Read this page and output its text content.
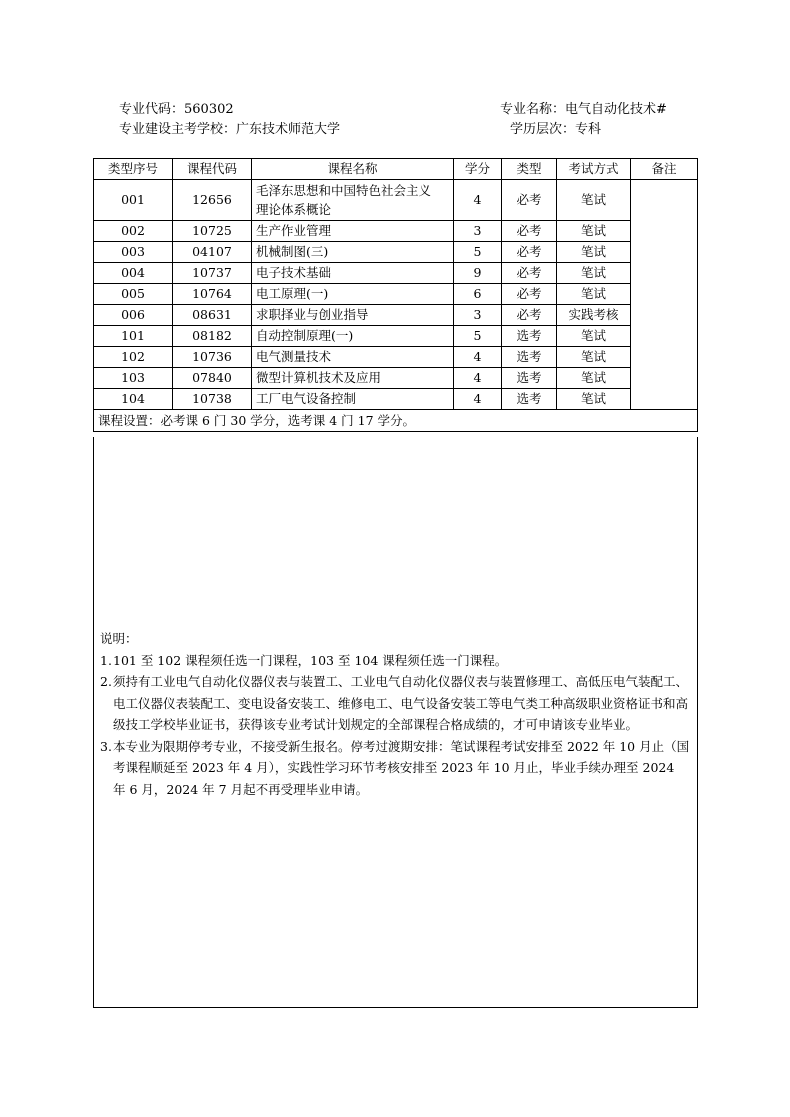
专业代码：560302	专业名称：电气自动化技术#
专业建设主考学校：广东技术师范大学	学历层次：专科
类型序号	课程代码	课程名称	学分	类型	考试方式	备注
001	12656	毛泽东思想和中国特色社会主义
理论体系概论	4	必考	笔试	
002	10725	生产作业管理	3	必考	笔试	
003	04107	机械制图(三)	5	必考	笔试	
004	10737	电子技术基础	9	必考	笔试	
005	10764	电工原理(一)	6	必考	笔试	
006	08631	求职择业与创业指导	3	必考	实践考核	
101	08182	自动控制原理(一)	5	选考	笔试	
102	10736	电气测量技术	4	选考	笔试	
103	07840	微型计算机技术及应用	4	选考	笔试	
104	10738	工厂电气设备控制	4	选考	笔试	
课程设置：必考课 6 门 30 学分，选考课 4 门 17 学分。						
说明：
1. 101 至 102 课程须任选一门课程，103 至 104 课程须任选一门课程。
2. 须持有工业电气自动化仪器仪表与装置工、工业电气自动化仪器仪表与装置修理工、高低压电气装配工、电工仪器仪表装配工、变电设备安装工、维修电工、电气设备安装工等电气类工种高级职业资格证书和高级技工学校毕业证书，获得该专业考试计划规定的全部课程合格成绩的，才可申请该专业毕业。
3. 本专业为限期停考专业，不接受新生报名。停考过渡期安排：笔试课程考试安排至 2022 年 10 月止（国考课程顺延至 2023 年 4 月），实践性学习环节考核安排至 2023 年 10 月止，毕业手续办理至 2024 年 6 月，2024 年 7 月起不再受理毕业申请。
